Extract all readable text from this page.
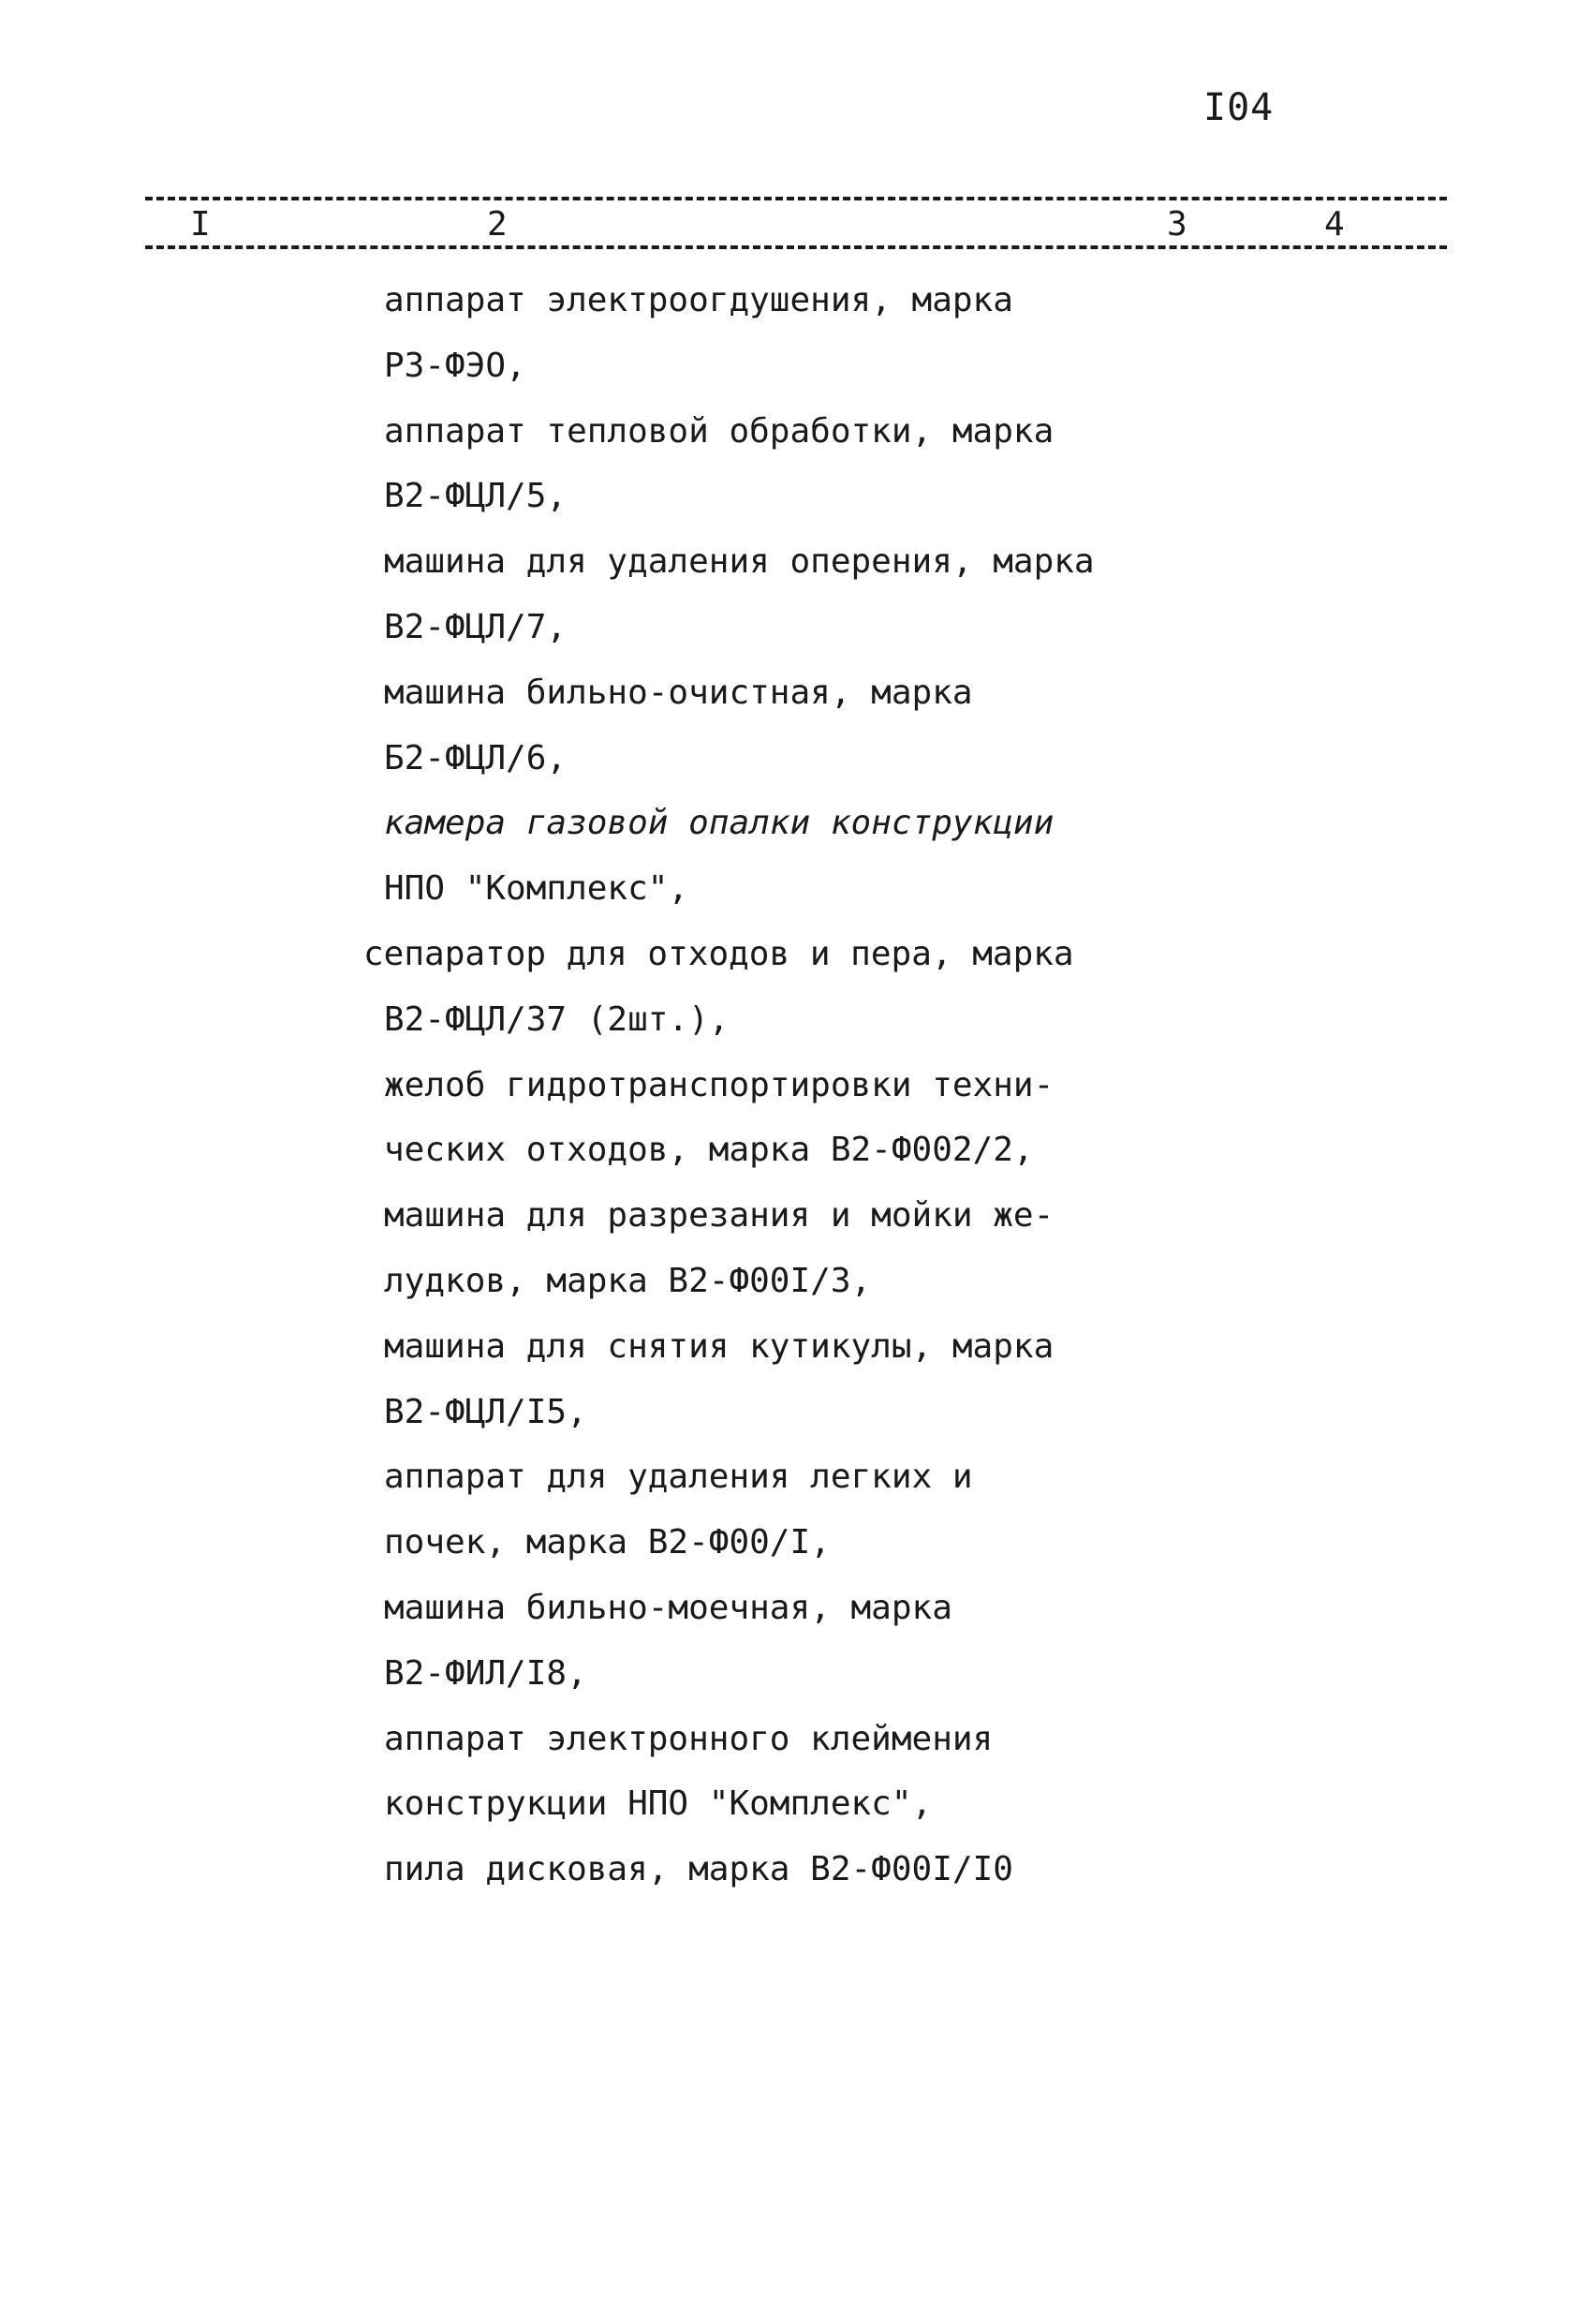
I04
I	2	3	4
аппарат электроогдушения, марка
РЗ-ФЭО,
аппарат тепловой обработки, марка
В2-ФЦЛ/5,
машина для удаления оперения, марка
В2-ФЦЛ/7,
машина бильно-очистная, марка
Б2-ФЦЛ/6,
камера газовой опалки конструкции
НПО "Комплекс",
сепаратор для отходов и пера, марка
В2-ФЦЛ/37 (2шт.),
желоб гидротранспортировки техни-
ческих отходов, марка В2-Ф002/2,
машина для разрезания и мойки же-
лудков, марка В2-Ф00I/3,
машина для снятия кутикулы, марка
В2-ФЦЛ/I5,
аппарат для удаления легких и
почек, марка В2-Ф00/I,
машина бильно-моечная, марка
В2-ФИЛ/I8,
аппарат электронного клеймения
конструкции НПО "Комплекс",
пила дисковая, марка В2-Ф00I/I0
